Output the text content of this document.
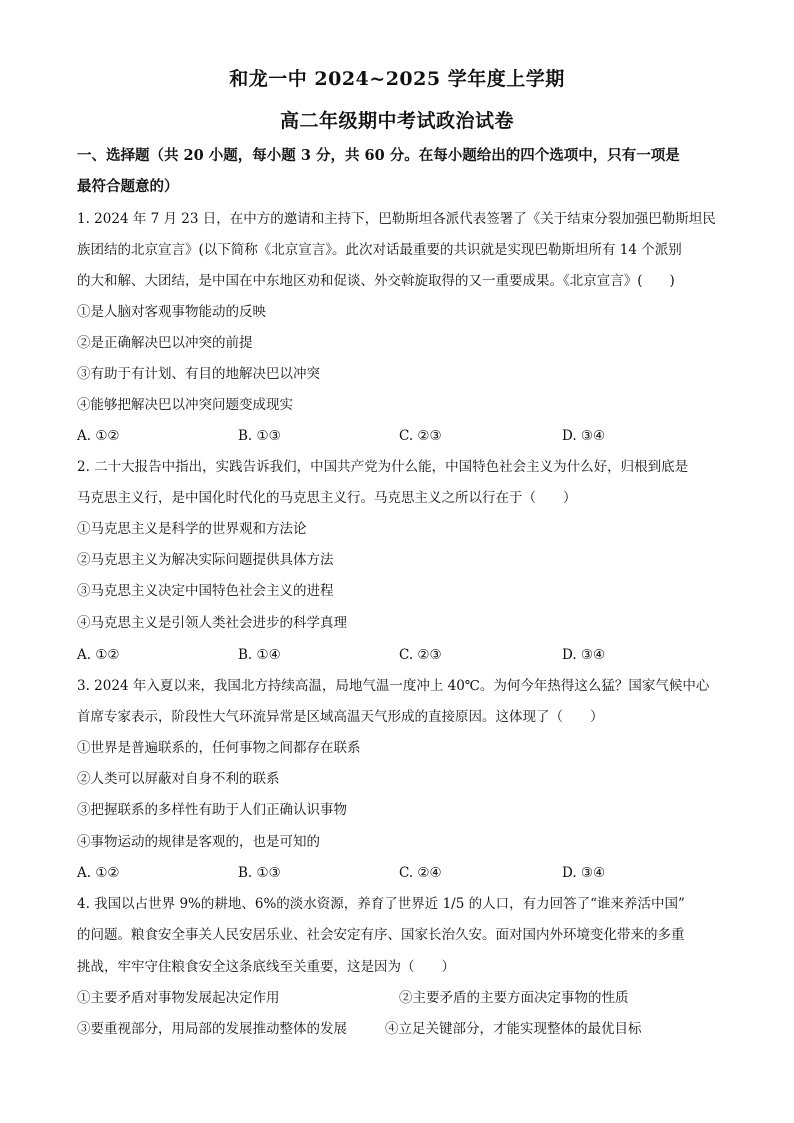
和龙一中 2024~2025 学年度上学期
高二年级期中考试政治试卷
一、选择题（共 20 小题，每小题 3 分，共 60 分。在每小题给出的四个选项中，只有一项是
最符合题意的）
1. 2024 年 7 月 23 日，在中方的邀请和主持下，巴勒斯坦各派代表签署了《关于结束分裂加强巴勒斯坦民
族团结的北京宣言》(以下简称《北京宣言》。此次对话最重要的共识就是实现巴勒斯坦所有 14 个派别
的大和解、大团结，是中国在中东地区劝和促谈、外交斡旋取得的又一重要成果。《北京宣言》(　　)
①是人脑对客观事物能动的反映
②是正确解决巴以冲突的前提
③有助于有计划、有目的地解决巴以冲突
④能够把解决巴以冲突问题变成现实
A. ①②	B. ①③	C. ②③	D. ③④
2. 二十大报告中指出，实践告诉我们，中国共产党为什么能，中国特色社会主义为什么好，归根到底是
马克思主义行，是中国化时代化的马克思主义行。马克思主义之所以行在于（　　）
①马克思主义是科学的世界观和方法论
②马克思主义为解决实际问题提供具体方法
③马克思主义决定中国特色社会主义的进程
④马克思主义是引领人类社会进步的科学真理
A. ①②	B. ①④	C. ②③	D. ③④
3. 2024 年入夏以来，我国北方持续高温，局地气温一度冲上 40℃。为何今年热得这么猛？国家气候中心
首席专家表示，阶段性大气环流异常是区域高温天气形成的直接原因。这体现了（　　）
①世界是普遍联系的，任何事物之间都存在联系
②人类可以屏蔽对自身不利的联系
③把握联系的多样性有助于人们正确认识事物
④事物运动的规律是客观的，也是可知的
A. ①②	B. ①③	C. ②④	D. ③④
4. 我国以占世界 9%的耕地、6%的淡水资源，养育了世界近 1/5 的人口，有力回答了“谁来养活中国”
的问题。粮食安全事关人民安居乐业、社会安定有序、国家长治久安。面对国内外环境变化带来的多重
挑战，牢牢守住粮食安全这条底线至关重要，这是因为（　　）
①主要矛盾对事物发展起决定作用	②主要矛盾的主要方面决定事物的性质
③要重视部分，用局部的发展推动整体的发展	④立足关键部分，才能实现整体的最优目标
